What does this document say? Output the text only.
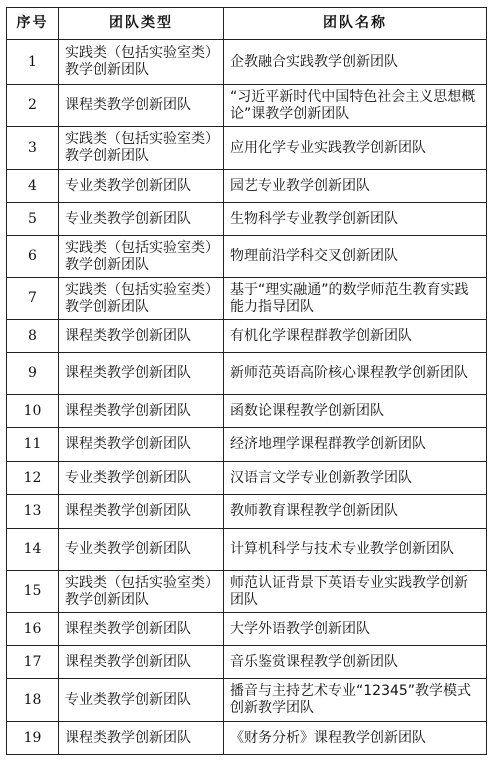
序号	团队类型	团队名称
1	实践类（包括实验室类）教学创新团队	企教融合实践教学创新团队
2	课程类教学创新团队	“习近平新时代中国特色社会主义思想概论”课教学创新团队
3	实践类（包括实验室类）教学创新团队	应用化学专业实践教学创新团队
4	专业类教学创新团队	园艺专业教学创新团队
5	专业类教学创新团队	生物科学专业教学创新团队
6	实践类（包括实验室类）教学创新团队	物理前沿学科交叉创新团队
7	实践类（包括实验室类）教学创新团队	基于“理实融通”的数学师范生教育实践能力指导团队
8	课程类教学创新团队	有机化学课程群教学创新团队
9	课程类教学创新团队	新师范英语高阶核心课程教学创新团队
10	课程类教学创新团队	函数论课程教学创新团队
11	课程类教学创新团队	经济地理学课程群教学创新团队
12	专业类教学创新团队	汉语言文学专业创新教学团队
13	课程类教学创新团队	教师教育课程教学创新团队
14	专业类教学创新团队	计算机科学与技术专业教学创新团队
15	实践类（包括实验室类）教学创新团队	师范认证背景下英语专业实践教学创新团队
16	课程类教学创新团队	大学外语教学创新团队
17	课程类教学创新团队	音乐鉴赏课程教学创新团队
18	专业类教学创新团队	播音与主持艺术专业“12345”教学模式创新教学团队
19	课程类教学创新团队	《财务分析》课程教学创新团队
